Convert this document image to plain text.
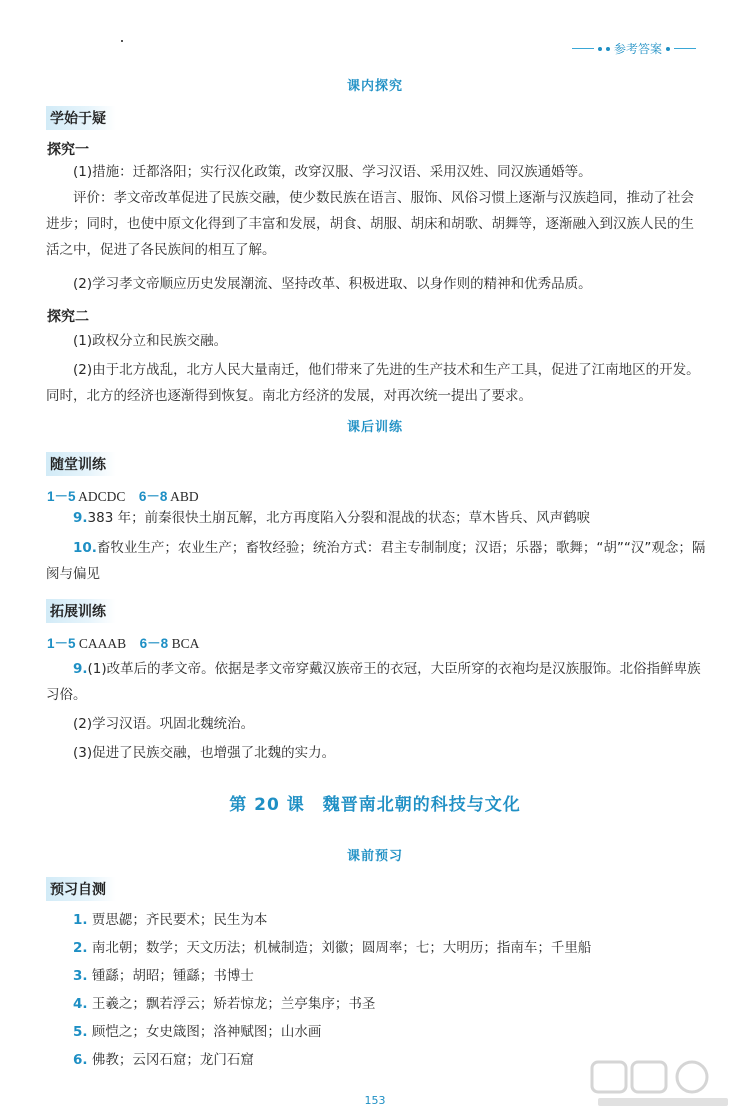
参考答案
课内探究
学始于疑
探究一

(1)措施：迁都洛阳；实行汉化政策，改穿汉服、学习汉语、采用汉姓、同汉族通婚等。

评价：孝文帝改革促进了民族交融，使少数民族在语言、服饰、风俗习惯上逐渐与汉族趋同，推动了社会进步；同时，也使中原文化得到了丰富和发展，胡食、胡服、胡床和胡歌、胡舞等，逐渐融入到汉族人民的生活之中，促进了各民族间的相互了解。

(2)学习孝文帝顺应历史发展潮流、坚持改革、积极进取、以身作则的精神和优秀品质。

探究二

(1)政权分立和民族交融。

(2)由于北方战乱，北方人民大量南迁，他们带来了先进的生产技术和生产工具，促进了江南地区的开发。同时，北方的经济也逐渐得到恢复。南北方经济的发展，对再次统一提出了要求。

课后训练
随堂训练
1－5 ADCDC　6－8 ABD

9.383 年；前秦很快土崩瓦解，北方再度陷入分裂和混战的状态；草木皆兵、风声鹤唳

10.畜牧业生产；农业生产；畜牧经验；统治方式：君主专制制度；汉语；乐器；歌舞；“胡”“汉”观念；隔阂与偏见

拓展训练
1－5 CAAAB　6－8 BCA

9.(1)改革后的孝文帝。依据是孝文帝穿戴汉族帝王的衣冠，大臣所穿的衣袍均是汉族服饰。北俗指鲜卑族习俗。

(2)学习汉语。巩固北魏统治。

(3)促进了民族交融，也增强了北魏的实力。

第 20 课　魏晋南北朝的科技与文化
课前预习
预习自测

1. 贾思勰；齐民要术；民生为本

2. 南北朝；数学；天文历法；机械制造；刘徽；圆周率；七；大明历；指南车；千里船

3. 锺繇；胡昭；锺繇；书博士

4. 王羲之；飘若浮云；矫若惊龙；兰亭集序；书圣

5. 顾恺之；女史箴图；洛神赋图；山水画

6. 佛教；云冈石窟；龙门石窟

153
